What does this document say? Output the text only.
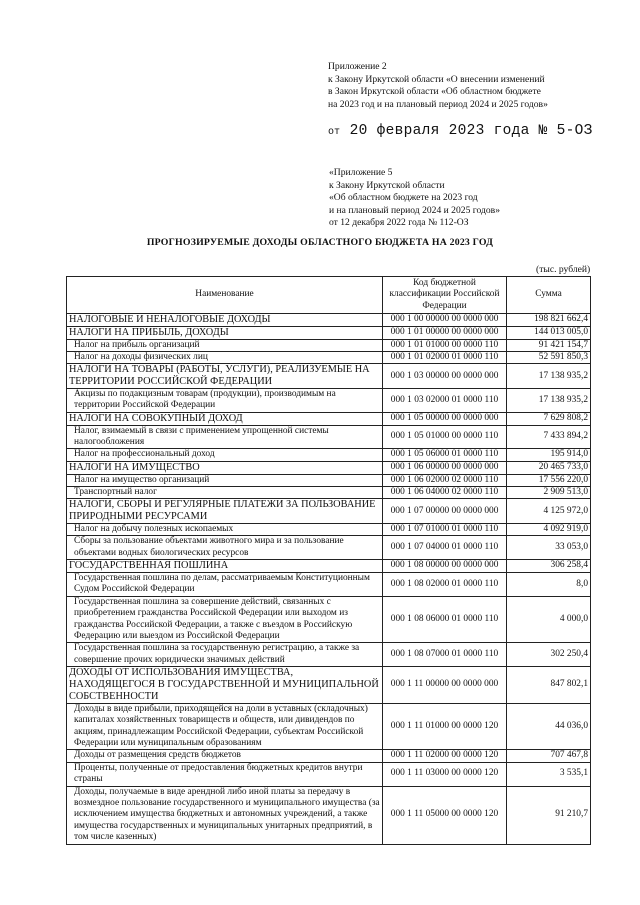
Приложение 2
к Закону Иркутской области «О внесении изменений
в Закон Иркутской области «Об областном бюджете
на 2023 год и на плановый период 2024 и 2025 годов»
от 20 февраля 2023 года № 5-ОЗ
«Приложение 5
к Закону Иркутской области
«Об областном бюджете на 2023 год
и на плановый период 2024 и 2025 годов»
от 12 декабря 2022 года № 112-ОЗ
ПРОГНОЗИРУЕМЫЕ ДОХОДЫ ОБЛАСТНОГО БЮДЖЕТА НА 2023 ГОД
(тыс. рублей)
Наименование	Код бюджетной классификации Российской Федерации	Сумма
НАЛОГОВЫЕ И НЕНАЛОГОВЫЕ ДОХОДЫ	000 1 00 00000 00 0000 000	198 821 662,4
НАЛОГИ НА ПРИБЫЛЬ, ДОХОДЫ	000 1 01 00000 00 0000 000	144 013 005,0
Налог на прибыль организаций	000 1 01 01000 00 0000 110	91 421 154,7
Налог на доходы физических лиц	000 1 01 02000 01 0000 110	52 591 850,3
НАЛОГИ НА ТОВАРЫ (РАБОТЫ, УСЛУГИ), РЕАЛИЗУЕМЫЕ НА ТЕРРИТОРИИ РОССИЙСКОЙ ФЕДЕРАЦИИ	000 1 03 00000 00 0000 000	17 138 935,2
Акцизы по подакцизным товарам (продукции), производимым на территории Российской Федерации	000 1 03 02000 01 0000 110	17 138 935,2
НАЛОГИ НА СОВОКУПНЫЙ ДОХОД	000 1 05 00000 00 0000 000	7 629 808,2
Налог, взимаемый в связи с применением упрощенной системы налогообложения	000 1 05 01000 00 0000 110	7 433 894,2
Налог на профессиональный доход	000 1 05 06000 01 0000 110	195 914,0
НАЛОГИ НА ИМУЩЕСТВО	000 1 06 00000 00 0000 000	20 465 733,0
Налог на имущество организаций	000 1 06 02000 02 0000 110	17 556 220,0
Транспортный налог	000 1 06 04000 02 0000 110	2 909 513,0
НАЛОГИ, СБОРЫ И РЕГУЛЯРНЫЕ ПЛАТЕЖИ ЗА ПОЛЬЗОВАНИЕ ПРИРОДНЫМИ РЕСУРСАМИ	000 1 07 00000 00 0000 000	4 125 972,0
Налог на добычу полезных ископаемых	000 1 07 01000 01 0000 110	4 092 919,0
Сборы за пользование объектами животного мира и за пользование объектами водных биологических ресурсов	000 1 07 04000 01 0000 110	33 053,0
ГОСУДАРСТВЕННАЯ ПОШЛИНА	000 1 08 00000 00 0000 000	306 258,4
Государственная пошлина по делам, рассматриваемым Конституционным Судом Российской Федерации	000 1 08 02000 01 0000 110	8,0
Государственная пошлина за совершение действий, связанных с приобретением гражданства Российской Федерации или выходом из гражданства Российской Федерации, а также с въездом в Российскую Федерацию или выездом из Российской Федерации	000 1 08 06000 01 0000 110	4 000,0
Государственная пошлина за государственную регистрацию, а также за совершение прочих юридически значимых действий	000 1 08 07000 01 0000 110	302 250,4
ДОХОДЫ ОТ ИСПОЛЬЗОВАНИЯ ИМУЩЕСТВА, НАХОДЯЩЕГОСЯ В ГОСУДАРСТВЕННОЙ И МУНИЦИПАЛЬНОЙ СОБСТВЕННОСТИ	000 1 11 00000 00 0000 000	847 802,1
Доходы в виде прибыли, приходящейся на доли в уставных (складочных) капиталах хозяйственных товариществ и обществ, или дивидендов по акциям, принадлежащим Российской Федерации, субъектам Российской Федерации или муниципальным образованиям	000 1 11 01000 00 0000 120	44 036,0
Доходы от размещения средств бюджетов	000 1 11 02000 00 0000 120	707 467,8
Проценты, полученные от предоставления бюджетных кредитов внутри страны	000 1 11 03000 00 0000 120	3 535,1
Доходы, получаемые в виде арендной либо иной платы за передачу в возмездное пользование государственного и муниципального имущества (за исключением имущества бюджетных и автономных учреждений, а также имущества государственных и муниципальных унитарных предприятий, в том числе казенных)	000 1 11 05000 00 0000 120	91 210,7
